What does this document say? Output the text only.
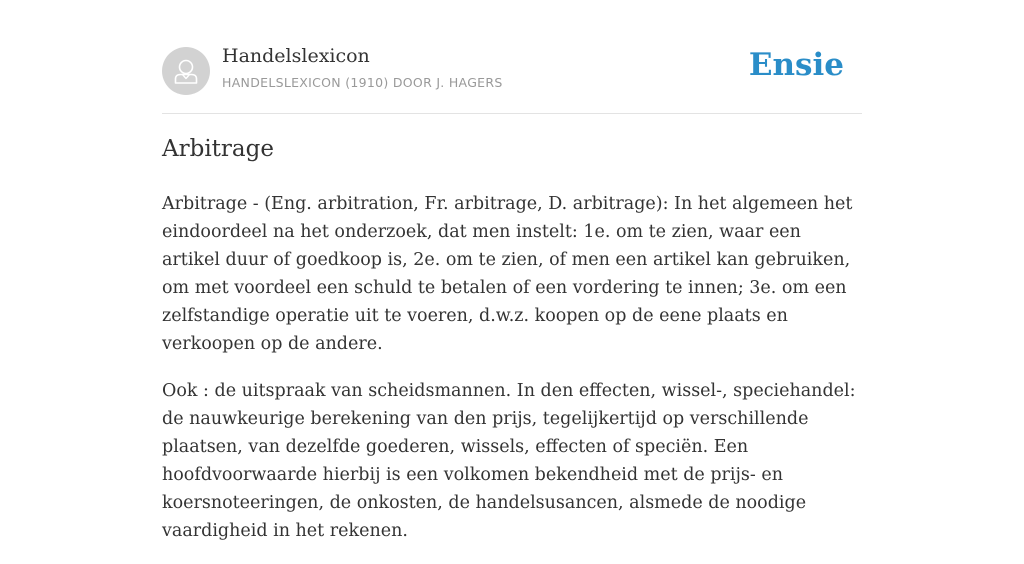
Handelslexicon
HANDELSLEXICON (1910) DOOR J. HAGERS	Ensie
Arbitrage

Arbitrage - (Eng. arbitration, Fr. arbitrage, D. arbitrage): In het algemeen het eindoordeel na het onderzoek, dat men instelt: 1e. om te zien, waar een artikel duur of goedkoop is, 2e. om te zien, of men een artikel kan gebruiken, om met voordeel een schuld te betalen of een vordering te innen; 3e. om een zelfstandige operatie uit te voeren, d.w.z. koopen op de eene plaats en verkoopen op de andere.

Ook : de uitspraak van scheidsmannen. In den effecten, wissel-, speciehandel: de nauwkeurige berekening van den prijs, tegelijkertijd op verschillende plaatsen, van dezelfde goederen, wissels, effecten of speciën. Een hoofdvoorwaarde hierbij is een volkomen bekendheid met de prijs- en koersnoteeringen, de onkosten, de handelsusancen, alsmede de noodige vaardigheid in het rekenen.
